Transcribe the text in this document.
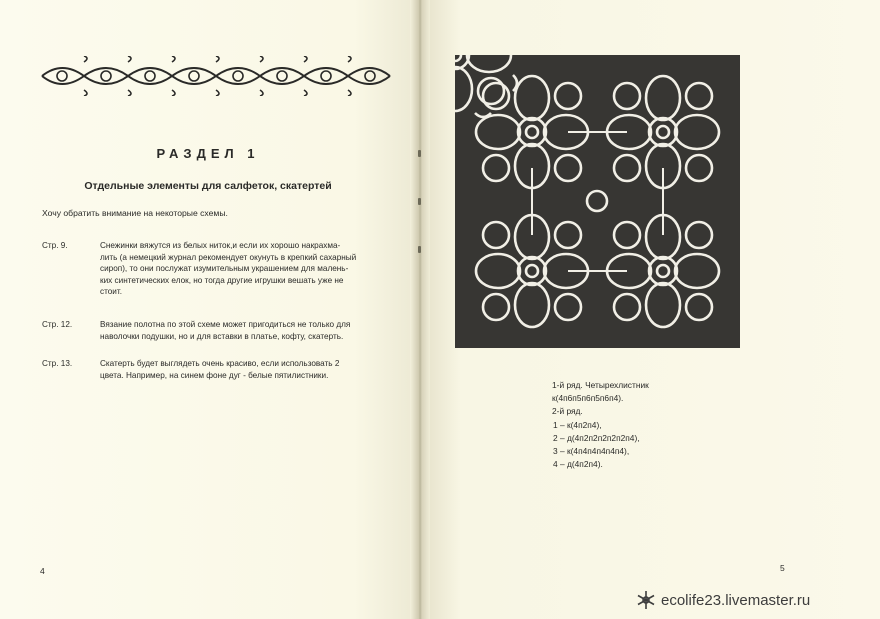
РАЗДЕЛ 1
Отдельные элементы для салфеток, скатертей
Хочу обратить внимание на некоторые схемы.
Стр. 9.	Снежинки вяжутся из белых ниток,и если их хорошо накрахма-
лить (а немецкий журнал рекомендует окунуть в крепкий сахарный
сироп), то они послужат изумительным украшением для малень-
ких синтетических елок, но тогда другие игрушки вешать уже не
стоит.
Стр. 12.	Вязание полотна по этой схеме может пригодиться не только для
наволочки подушки, но и для вставки в платье, кофту, скатерть.
Стр. 13.	Скатерть будет выглядеть очень красиво, если использовать 2
цвета. Например, на синем фоне дуг - белые пятилистники.
4
1-й ряд. Четырехлистник
к(4п6п5п6п5п6п4).
2-й ряд.
1 – к(4п2п4),
2 – д(4п2п2п2п2п2п4),
3 – к(4п4п4п4п4п4),
4 – д(4п2п4).
5
ecolife23.livemaster.ru
